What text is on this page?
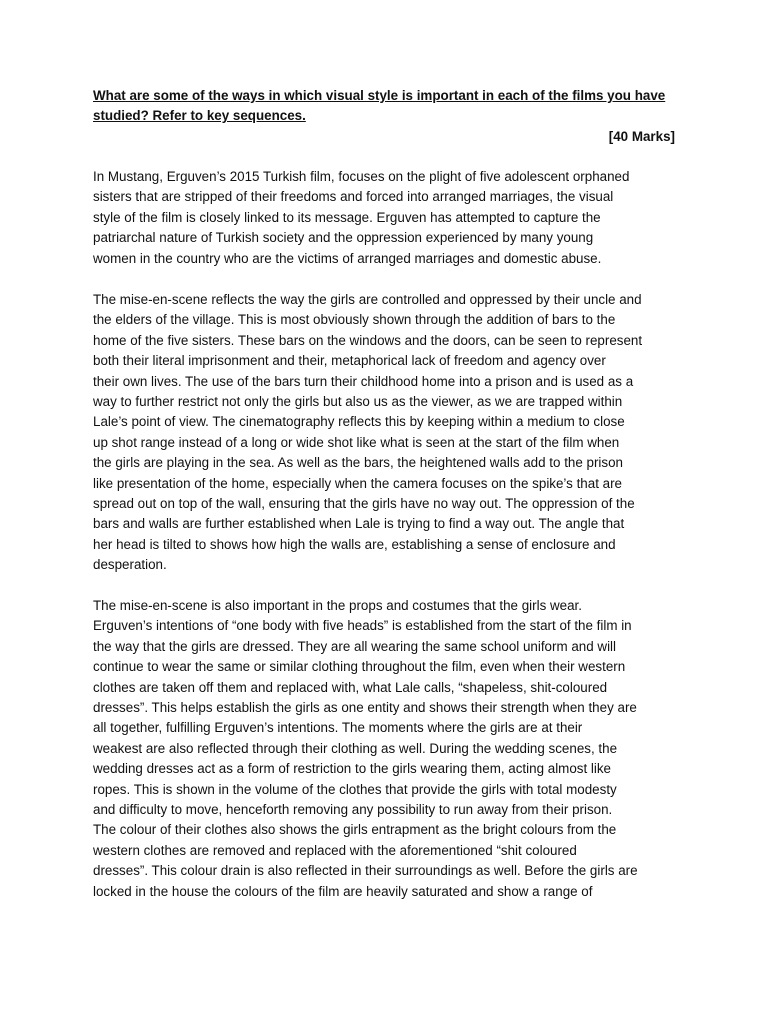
What are some of the ways in which visual style is important in each of the films you have
studied? Refer to key sequences.
[40 Marks]
In Mustang, Erguven’s 2015 Turkish film, focuses on the plight of five adolescent orphaned
sisters that are stripped of their freedoms and forced into arranged marriages, the visual
style of the film is closely linked to its message. Erguven has attempted to capture the
patriarchal nature of Turkish society and the oppression experienced by many young
women in the country who are the victims of arranged marriages and domestic abuse.
The mise-en-scene reflects the way the girls are controlled and oppressed by their uncle and
the elders of the village. This is most obviously shown through the addition of bars to the
home of the five sisters. These bars on the windows and the doors, can be seen to represent
both their literal imprisonment and their, metaphorical lack of freedom and agency over
their own lives. The use of the bars turn their childhood home into a prison and is used as a
way to further restrict not only the girls but also us as the viewer, as we are trapped within
Lale’s point of view. The cinematography reflects this by keeping within a medium to close
up shot range instead of a long or wide shot like what is seen at the start of the film when
the girls are playing in the sea. As well as the bars, the heightened walls add to the prison
like presentation of the home, especially when the camera focuses on the spike’s that are
spread out on top of the wall, ensuring that the girls have no way out. The oppression of the
bars and walls are further established when Lale is trying to find a way out. The angle that
her head is tilted to shows how high the walls are, establishing a sense of enclosure and
desperation.
The mise-en-scene is also important in the props and costumes that the girls wear.
Erguven’s intentions of “one body with five heads” is established from the start of the film in
the way that the girls are dressed. They are all wearing the same school uniform and will
continue to wear the same or similar clothing throughout the film, even when their western
clothes are taken off them and replaced with, what Lale calls, “shapeless, shit-coloured
dresses”. This helps establish the girls as one entity and shows their strength when they are
all together, fulfilling Erguven’s intentions. The moments where the girls are at their
weakest are also reflected through their clothing as well. During the wedding scenes, the
wedding dresses act as a form of restriction to the girls wearing them, acting almost like
ropes. This is shown in the volume of the clothes that provide the girls with total modesty
and difficulty to move, henceforth removing any possibility to run away from their prison.
The colour of their clothes also shows the girls entrapment as the bright colours from the
western clothes are removed and replaced with the aforementioned “shit coloured
dresses”. This colour drain is also reflected in their surroundings as well. Before the girls are
locked in the house the colours of the film are heavily saturated and show a range of
